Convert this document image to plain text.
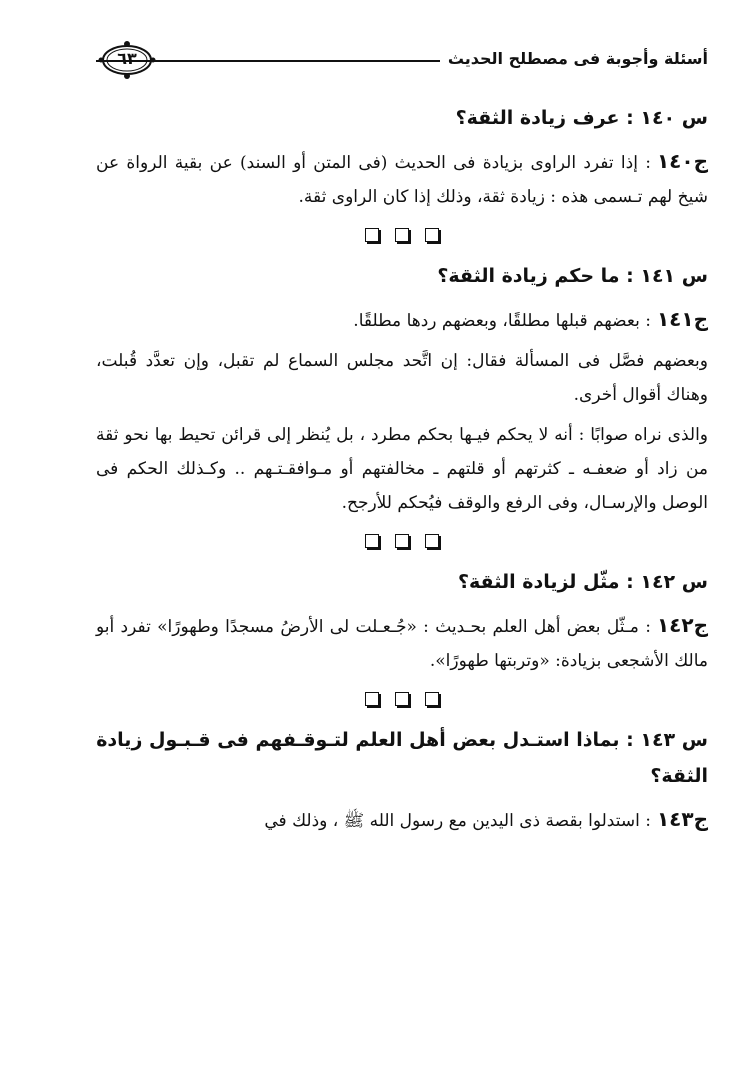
أسئلة وأجوبة فى مصطلح الحديث
٦٣
س ١٤٠ : عرف زيادة الثقة؟

ج١٤٠: إذا تفرد الراوى بزيادة فى الحديث (فى المتن أو السند) عن بقية الرواة عن شيخ لهم تـسمى هذه : زيادة ثقة، وذلك إذا كان الراوى ثقة.

س ١٤١ : ما حكم زيادة الثقة؟

ج١٤١: بعضهم قبلها مطلقًا، وبعضهم ردها مطلقًا.

وبعضهم فصَّل فى المسألة فقال: إن اتَّحد مجلس السماع لم تقبل، وإن تعدَّد قُبلت، وهناك أقوال أخرى.

والذى نراه صوابًا : أنه لا يحكم فيـها بحكم مطرد ، بل يُنظر إلى قرائن تحيط بها نحو ثقة من زاد أو ضعفـه ـ كثرتهم أو قلتهم ـ مخالفتهم أو مـوافقـتـهم .. وكـذلك الحكم فى الوصل والإرسـال، وفى الرفع والوقف فيُحكم للأرجح.

س ١٤٢ : مثّل لزيادة الثقة؟

ج١٤٢: مـثّل بعض أهل العلم بحـديث : «جُـعـلت لى الأرضُ مسجدًا وطهورًا» تفرد أبو مالك الأشجعى بزيادة: «وتربتها طهورًا».

س ١٤٣ : بماذا استـدل بعض أهل العلم لتـوقـفهم فى قـبـول زيادة الثقة؟

ج١٤٣: استدلوا بقصة ذى اليدين مع رسول الله ﷺ ، وذلك في
